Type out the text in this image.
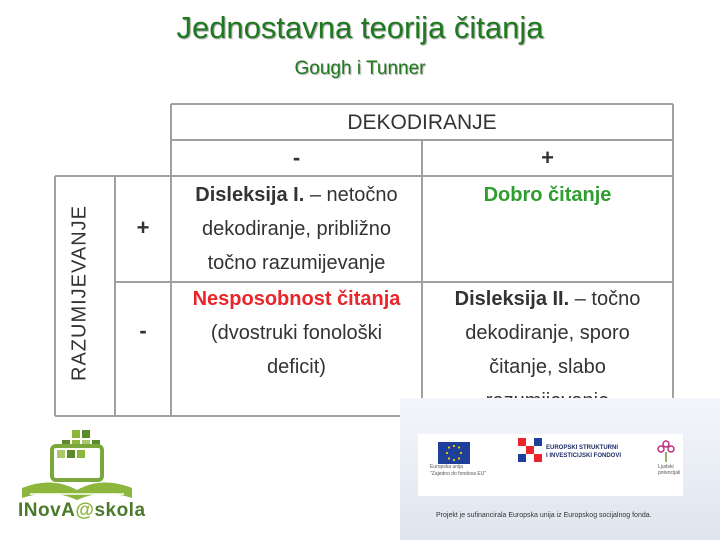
Jednostavna teorija čitanja
Gough i Tunner
DEKODIRANJE
-	+
RAZUMIJEVANJE	+
-
Disleksija I. – netočno
dekodiranje, približno
točno razumijevanje
Dobro čitanje
Nesposobnost čitanja
(dvostruki fonološki
deficit)
Disleksija II. – točno
dekodiranje, sporo
čitanje, slabo
INovA@skola
Europska unija
"Zajedno do fondova EU"
EUROPSKI STRUKTURNI
I INVESTICIJSKI FONDOVI
Ljudski potencijali
Projekt je sufinancirala Europska unija iz Europskog socijalnog fonda.
